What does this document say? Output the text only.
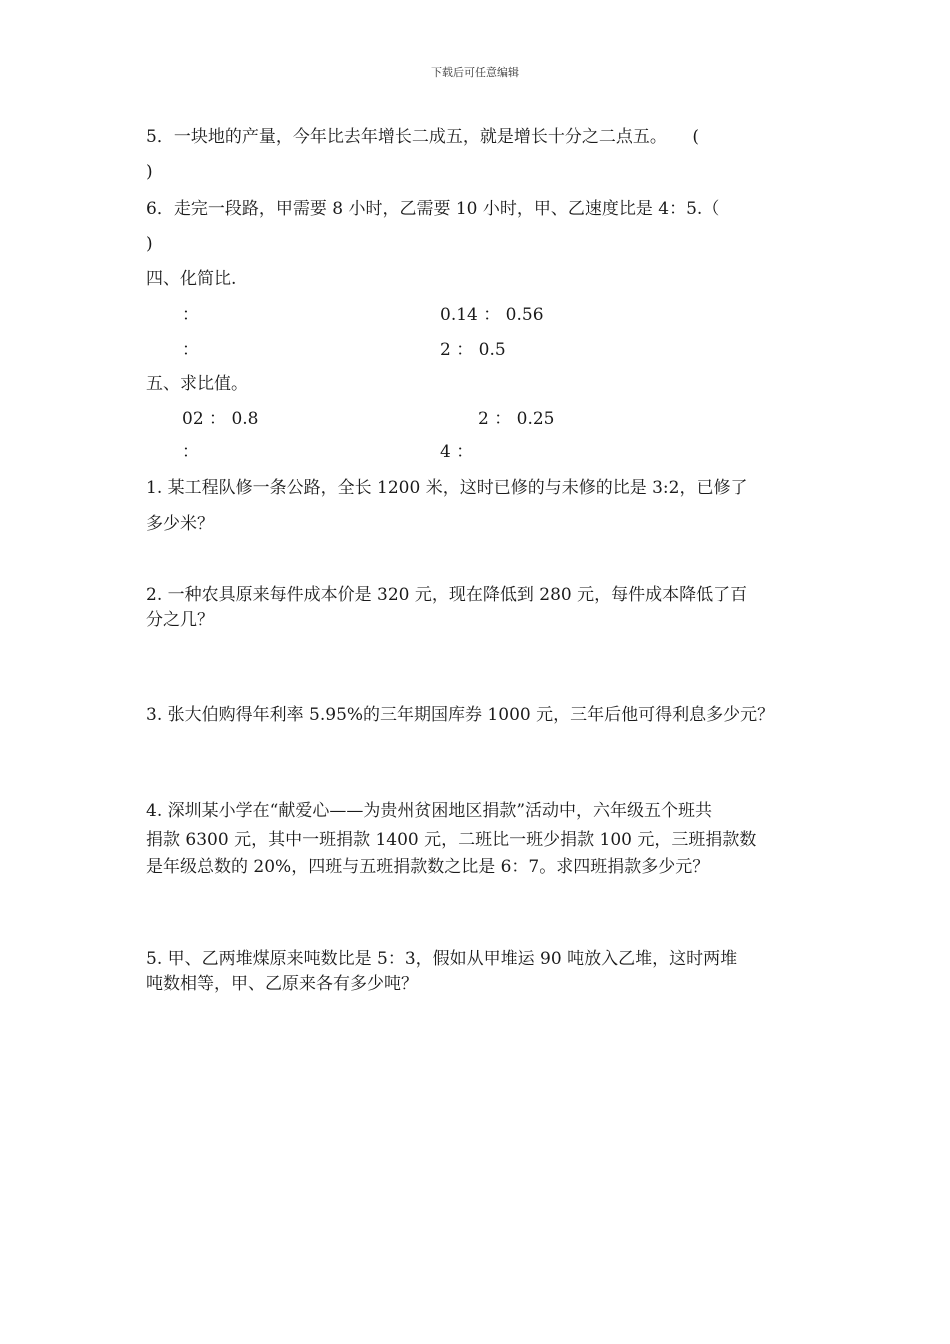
下载后可任意编辑
5．一块地的产量，今年比去年增长二成五，就是增长十分之二点五。　　(
)
6．走完一段路，甲需要 8 小时，乙需要 10 小时，甲、乙速度比是 4：5.（
)
四、化简比.
：	0.14 ： 0.56
：	2 ： 0.5
五、求比值。
02 ： 0.8	2 ： 0.25
：	4 ：
1. 某工程队修一条公路，全长 1200 米，这时已修的与未修的比是 3:2，已修了
多少米？
2. 一种农具原来每件成本价是 320 元，现在降低到 280 元，每件成本降低了百
分之几？
3. 张大伯购得年利率 5.95%的三年期国库券 1000 元，三年后他可得利息多少元？
4. 深圳某小学在“献爱心——为贵州贫困地区捐款”活动中，六年级五个班共
捐款 6300 元，其中一班捐款 1400 元，二班比一班少捐款 100 元，三班捐款数
是年级总数的 20%，四班与五班捐款数之比是 6：7。求四班捐款多少元？
5. 甲、乙两堆煤原来吨数比是 5：3，假如从甲堆运 90 吨放入乙堆，这时两堆
吨数相等，甲、乙原来各有多少吨？
